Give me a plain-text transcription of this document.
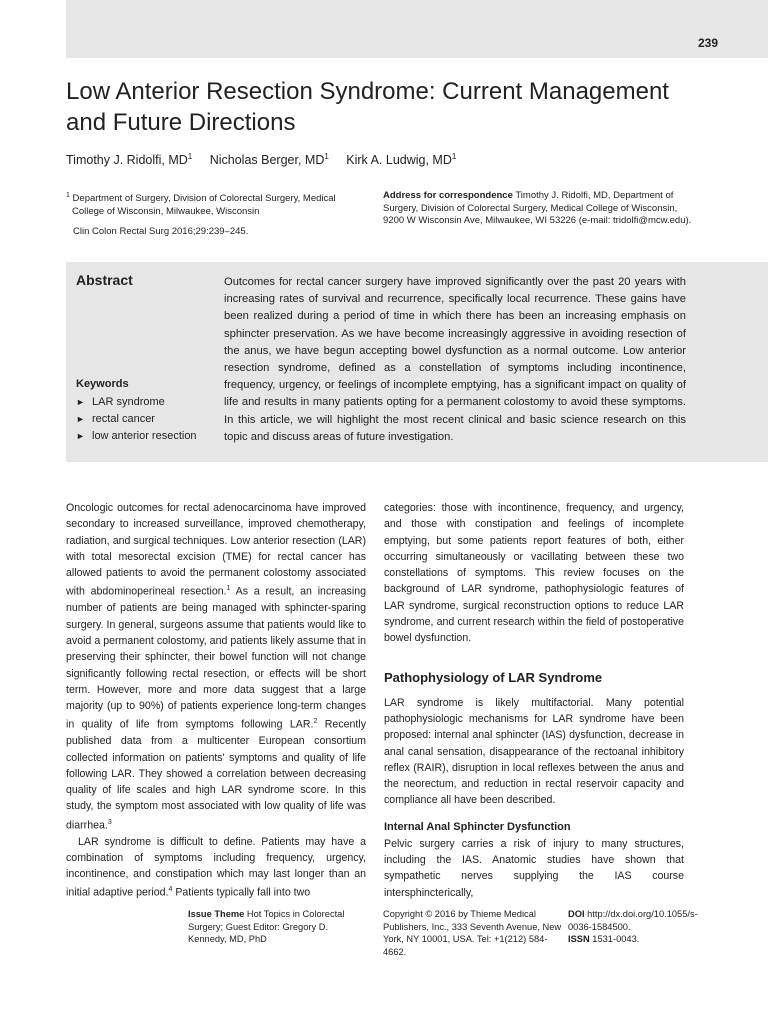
239
Low Anterior Resection Syndrome: Current Management and Future Directions
Timothy J. Ridolfi, $MD^1$ Nicholas Berger, $MD^1$ Kirk A. Ludwig, $MD^1$
$^1$ Department of Surgery, Division of Colorectal Surgery, Medical
College of Wisconsin, Milwaukee, Wisconsin
Clin Colon Rectal Surg 2016;29:239–245.
Address for correspondence Timothy J. Ridolfi, MD, Department of Surgery, Division of Colorectal Surgery, Medical College of Wisconsin, 9200 W Wisconsin Ave, Milwaukee, WI 53226 (e-mail: tridolfi@mcw.edu).
Abstract	Outcomes for rectal cancer surgery have improved significantly over the past 20 years with increasing rates of survival and recurrence, specifically local recurrence. These gains have been realized during a period of time in which there has been an increasing emphasis on sphincter preservation. As we have become increasingly aggressive in avoiding resection of the anus, we have begun accepting bowel dysfunction as a normal outcome. Low anterior resection syndrome, defined as a constellation of symptoms including incontinence, frequency, urgency, or feelings of incomplete emptying, has a significant impact on quality of life and results in many patients opting for a permanent colostomy to avoid these symptoms. In this article, we will highlight the most recent clinical and basic science research on this topic and discuss areas of future investigation.

Keywords
► LAR syndrome
► rectal cancer
► low anterior resection

Oncologic outcomes for rectal adenocarcinoma have improved secondary to increased surveillance, improved chemotherapy, radiation, and surgical techniques. Low anterior resection (LAR) with total mesorectal excision (TME) for rectal cancer has allowed patients to avoid the permanent colostomy associated with abdominoperineal resection.$^1$ As a result, an increasing number of patients are being managed with sphincter-sparing surgery. In general, surgeons assume that patients would like to avoid a permanent colostomy, and patients likely assume that in preserving their sphincter, their bowel function will not change significantly following rectal resection, or effects will be short term. However, more and more data suggest that a large majority (up to 90%) of patients experience long-term changes in quality of life from symptoms following LAR.$^2$ Recently published data from a multicenter European consortium collected information on patients' symptoms and quality of life following LAR. They showed a correlation between decreasing quality of life scales and high LAR syndrome score. In this study, the symptom most associated with low quality of life was diarrhea.$^3$

LAR syndrome is difficult to define. Patients may have a combination of symptoms including frequency, urgency, incontinence, and constipation which may last longer than an initial adaptive period.$^4$ Patients typically fall into two

categories: those with incontinence, frequency, and urgency, and those with constipation and feelings of incomplete emptying, but some patients report features of both, either occurring simultaneously or vacillating between these two constellations of symptoms. This review focuses on the background of LAR syndrome, pathophysiologic features of LAR syndrome, surgical reconstruction options to reduce LAR syndrome, and current research within the field of postoperative bowel dysfunction.

Pathophysiology of LAR Syndrome

LAR syndrome is likely multifactorial. Many potential pathophysiologic mechanisms for LAR syndrome have been proposed: internal anal sphincter (IAS) dysfunction, decrease in anal canal sensation, disappearance of the rectoanal inhibitory reflex (RAIR), disruption in local reflexes between the anus and the neorectum, and reduction in rectal reservoir capacity and compliance all have been described.

Internal Anal Sphincter Dysfunction

Pelvic surgery carries a risk of injury to many structures, including the IAS. Anatomic studies have shown that sympathetic nerves supplying the IAS course intersphincterically,

Issue Theme Hot Topics in Colorectal Surgery; Guest Editor: Gregory D. Kennedy, MD, PhD
Copyright © 2016 by Thieme Medical Publishers, Inc., 333 Seventh Avenue, New York, NY 10001, USA. Tel: +1(212) 584-4662.
DOI http://dx.doi.org/10.1055/s-0036-1584500.
ISSN 1531-0043.
